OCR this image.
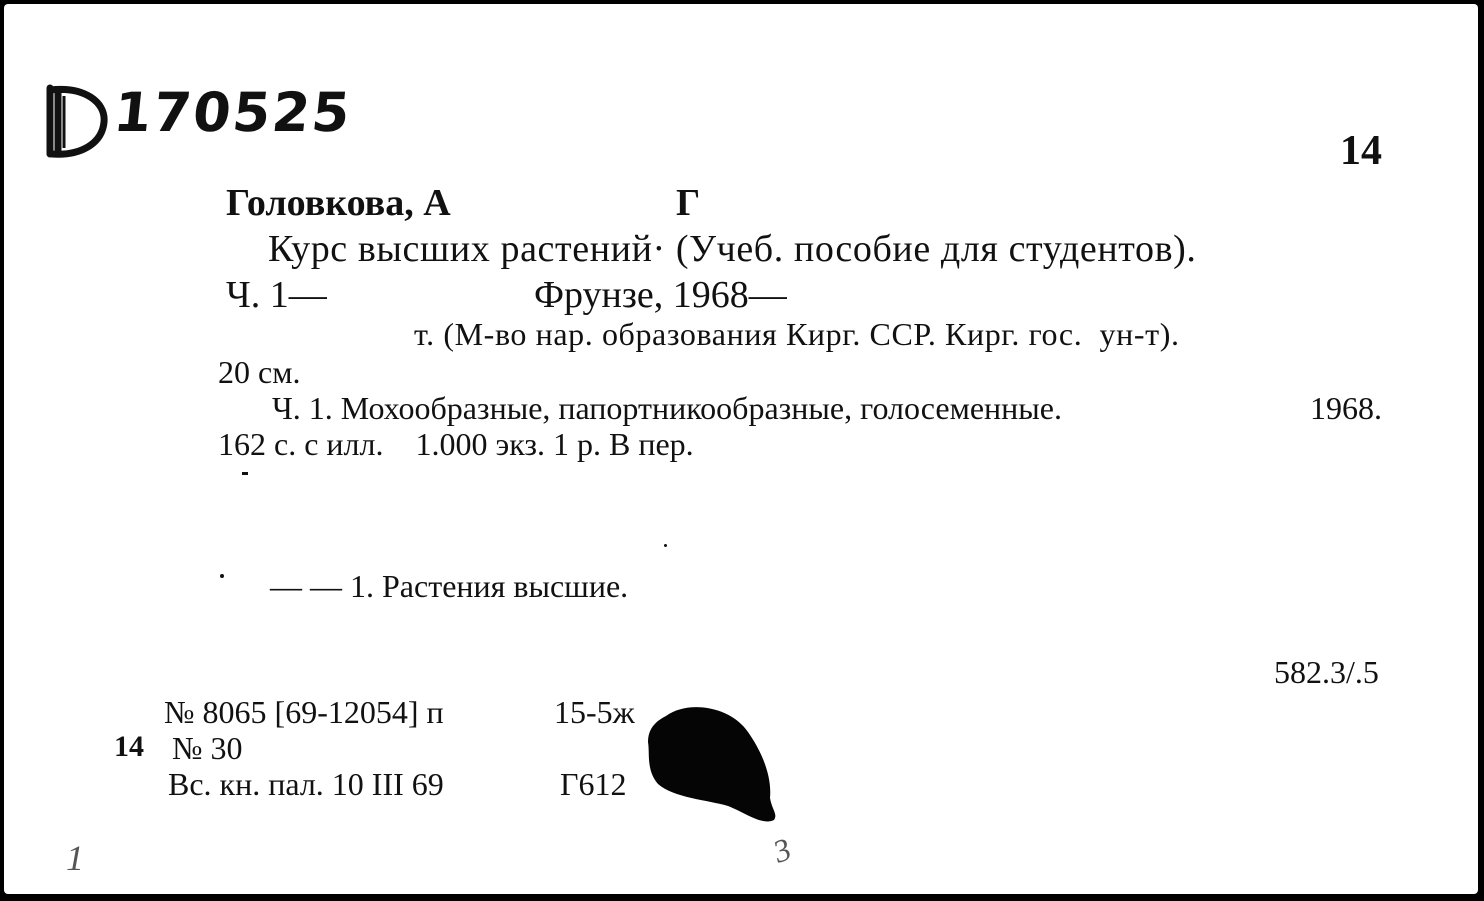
170525

14
Головкова, А	Г
Курс высших растений· (Учеб. пособие для студентов).
Ч. 1—	Фрунзе, 1968—
т. (М-во нар. образования Кирг. ССР. Кирг. гос.  ун-т).
20 см.
Ч. 1. Мохообразные, папортникообразные, голосеменные.	1968.
162 с. с илл.    1.000 экз. 1 р. В пер.
— — 1. Растения высшие.
582.3/.5
№ 8065 [69-12054] п	15-5ж
14 № 30
Вс. кн. пал. 10 III 69	Г612
1	3
